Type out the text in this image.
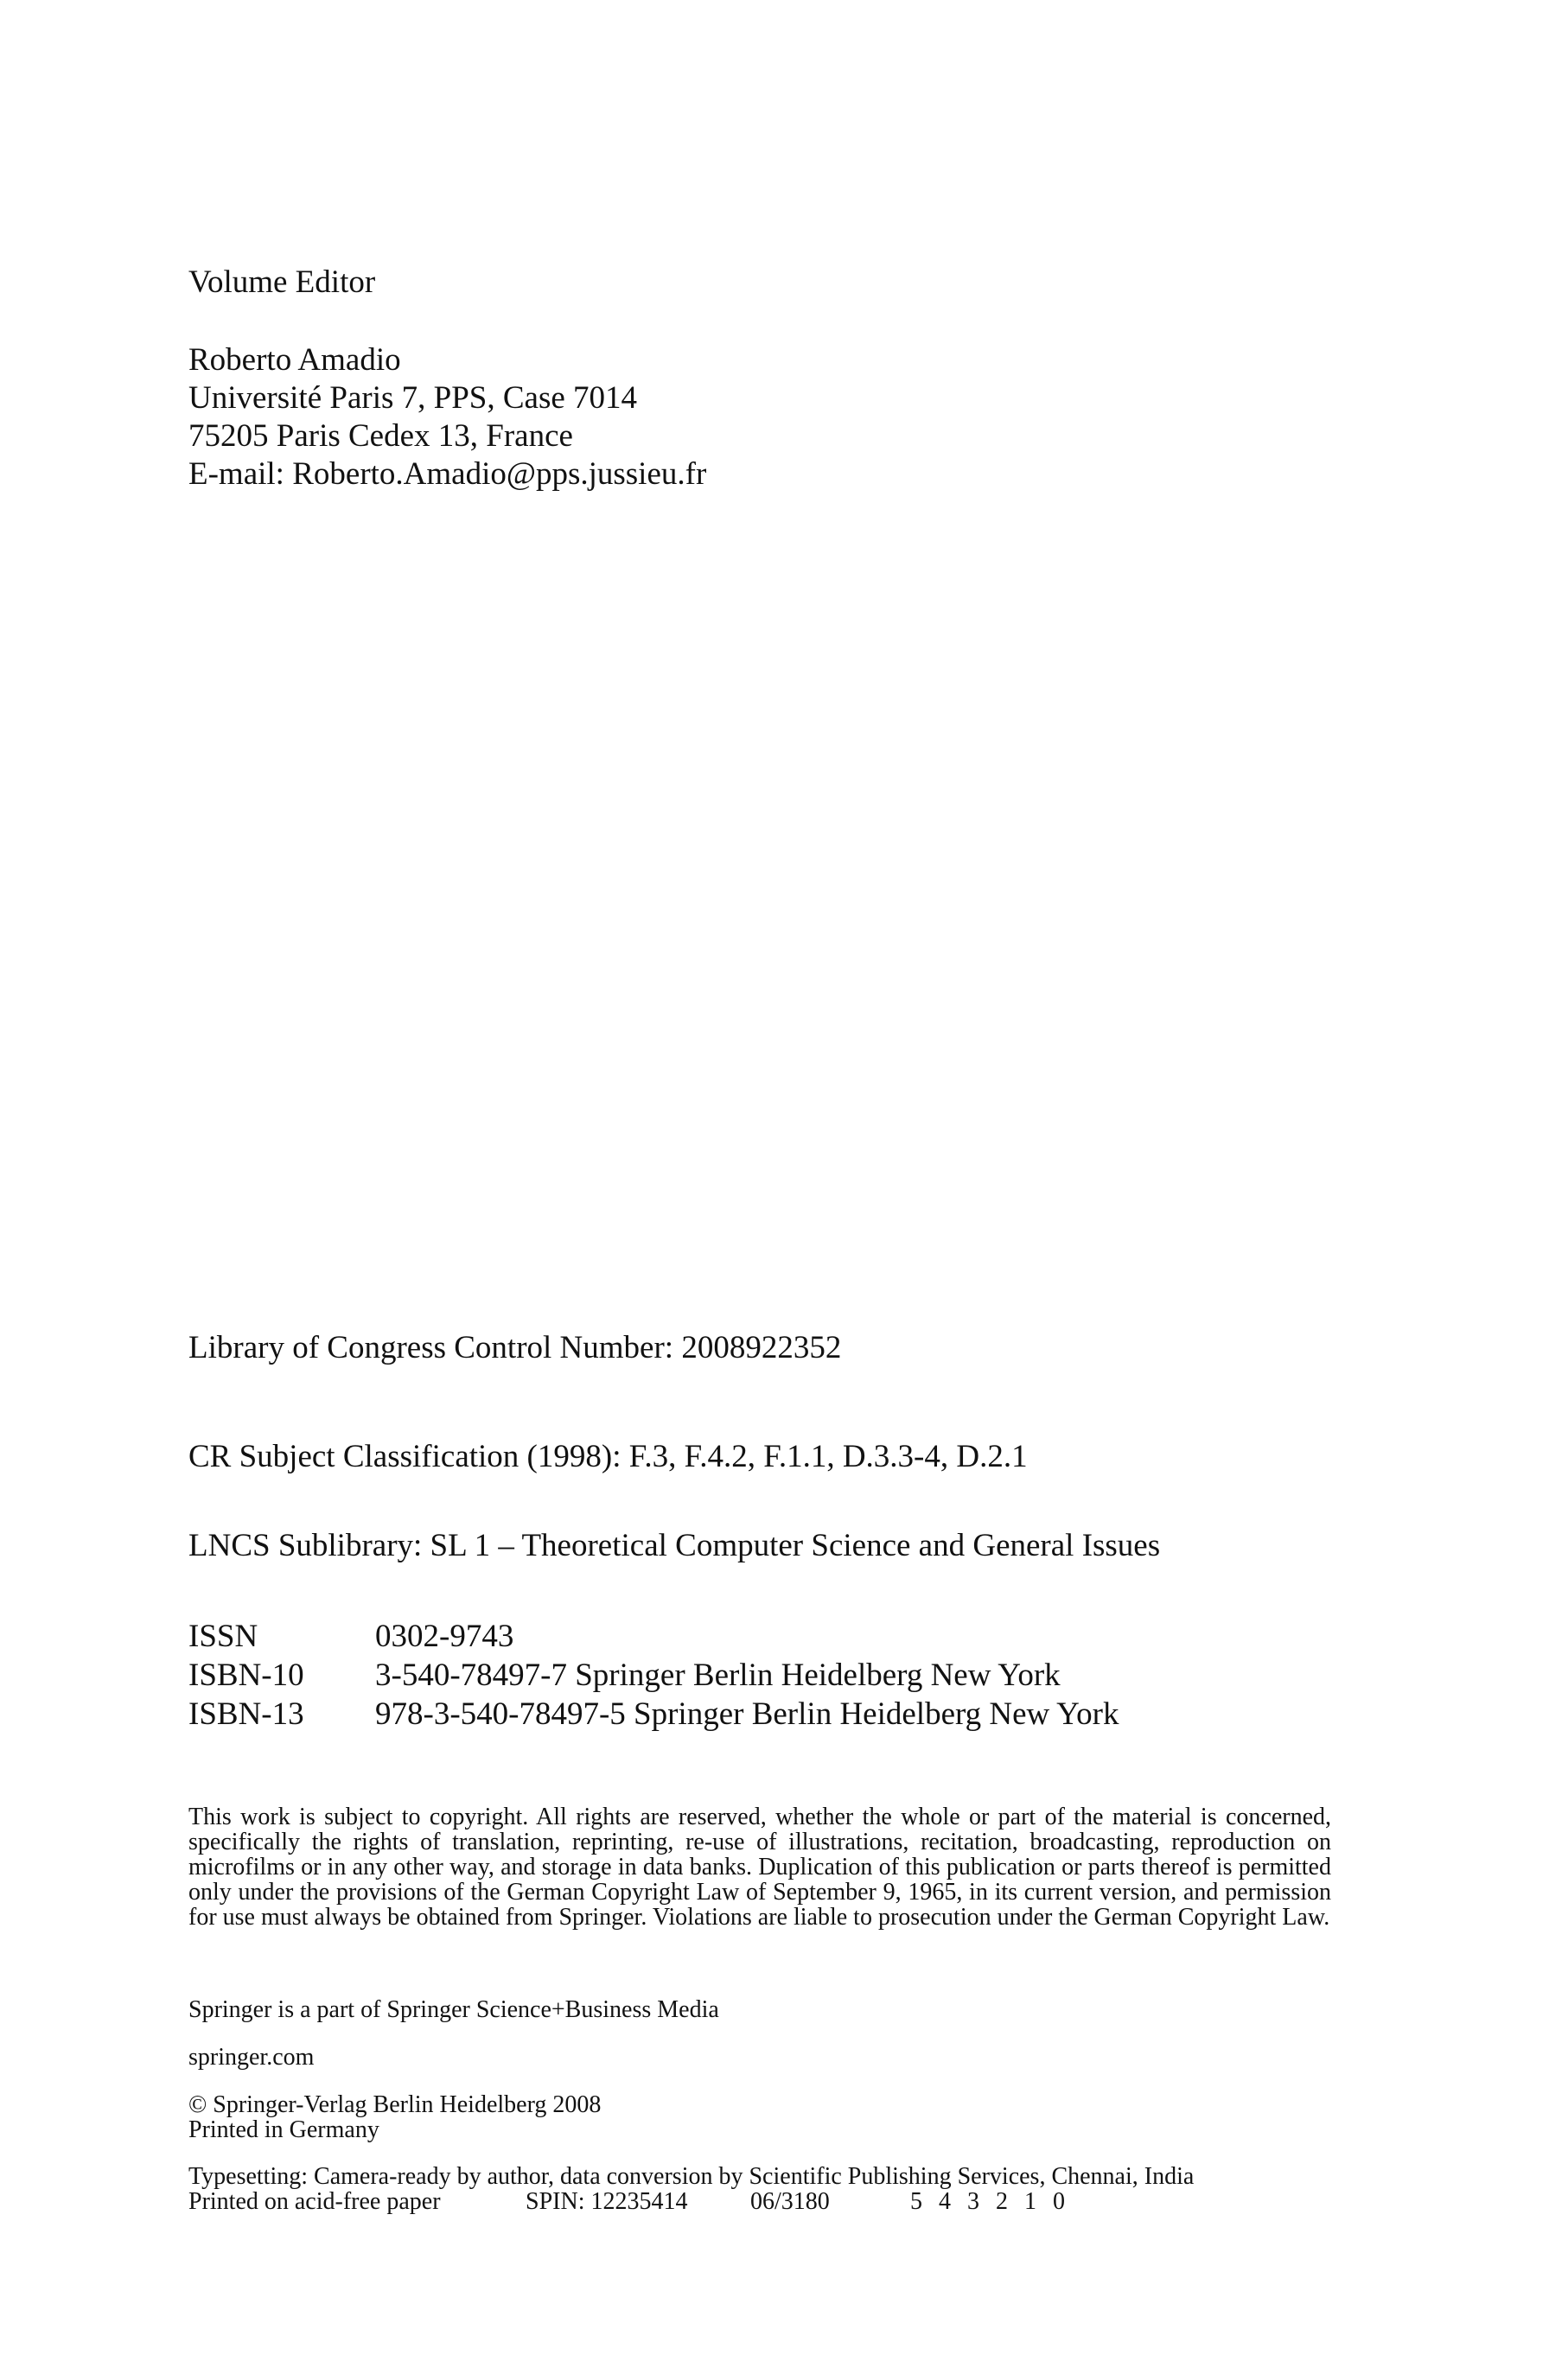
Volume Editor

Roberto Amadio
Université Paris 7, PPS, Case 7014
75205 Paris Cedex 13, France
E-mail: Roberto.Amadio@pps.jussieu.fr

Library of Congress Control Number: 2008922352

CR Subject Classification (1998): F.3, F.4.2, F.1.1, D.3.3-4, D.2.1

LNCS Sublibrary: SL 1 – Theoretical Computer Science and General Issues

ISSN	0302-9743
ISBN-10	3-540-78497-7 Springer Berlin Heidelberg New York
ISBN-13	978-3-540-78497-5 Springer Berlin Heidelberg New York

This work is subject to copyright. All rights are reserved, whether the whole or part of the material is concerned, specifically the rights of translation, reprinting, re-use of illustrations, recitation, broadcasting, reproduction on microfilms or in any other way, and storage in data banks. Duplication of this publication or parts thereof is permitted only under the provisions of the German Copyright Law of September 9, 1965, in its current version, and permission for use must always be obtained from Springer. Violations are liable to prosecution under the German Copyright Law.

Springer is a part of Springer Science+Business Media

springer.com

© Springer-Verlag Berlin Heidelberg 2008
Printed in Germany
Typesetting: Camera-ready by author, data conversion by Scientific Publishing Services, Chennai, India
Printed on acid-free paper	SPIN: 12235414	06/3180	5 4 3 2 1 0
